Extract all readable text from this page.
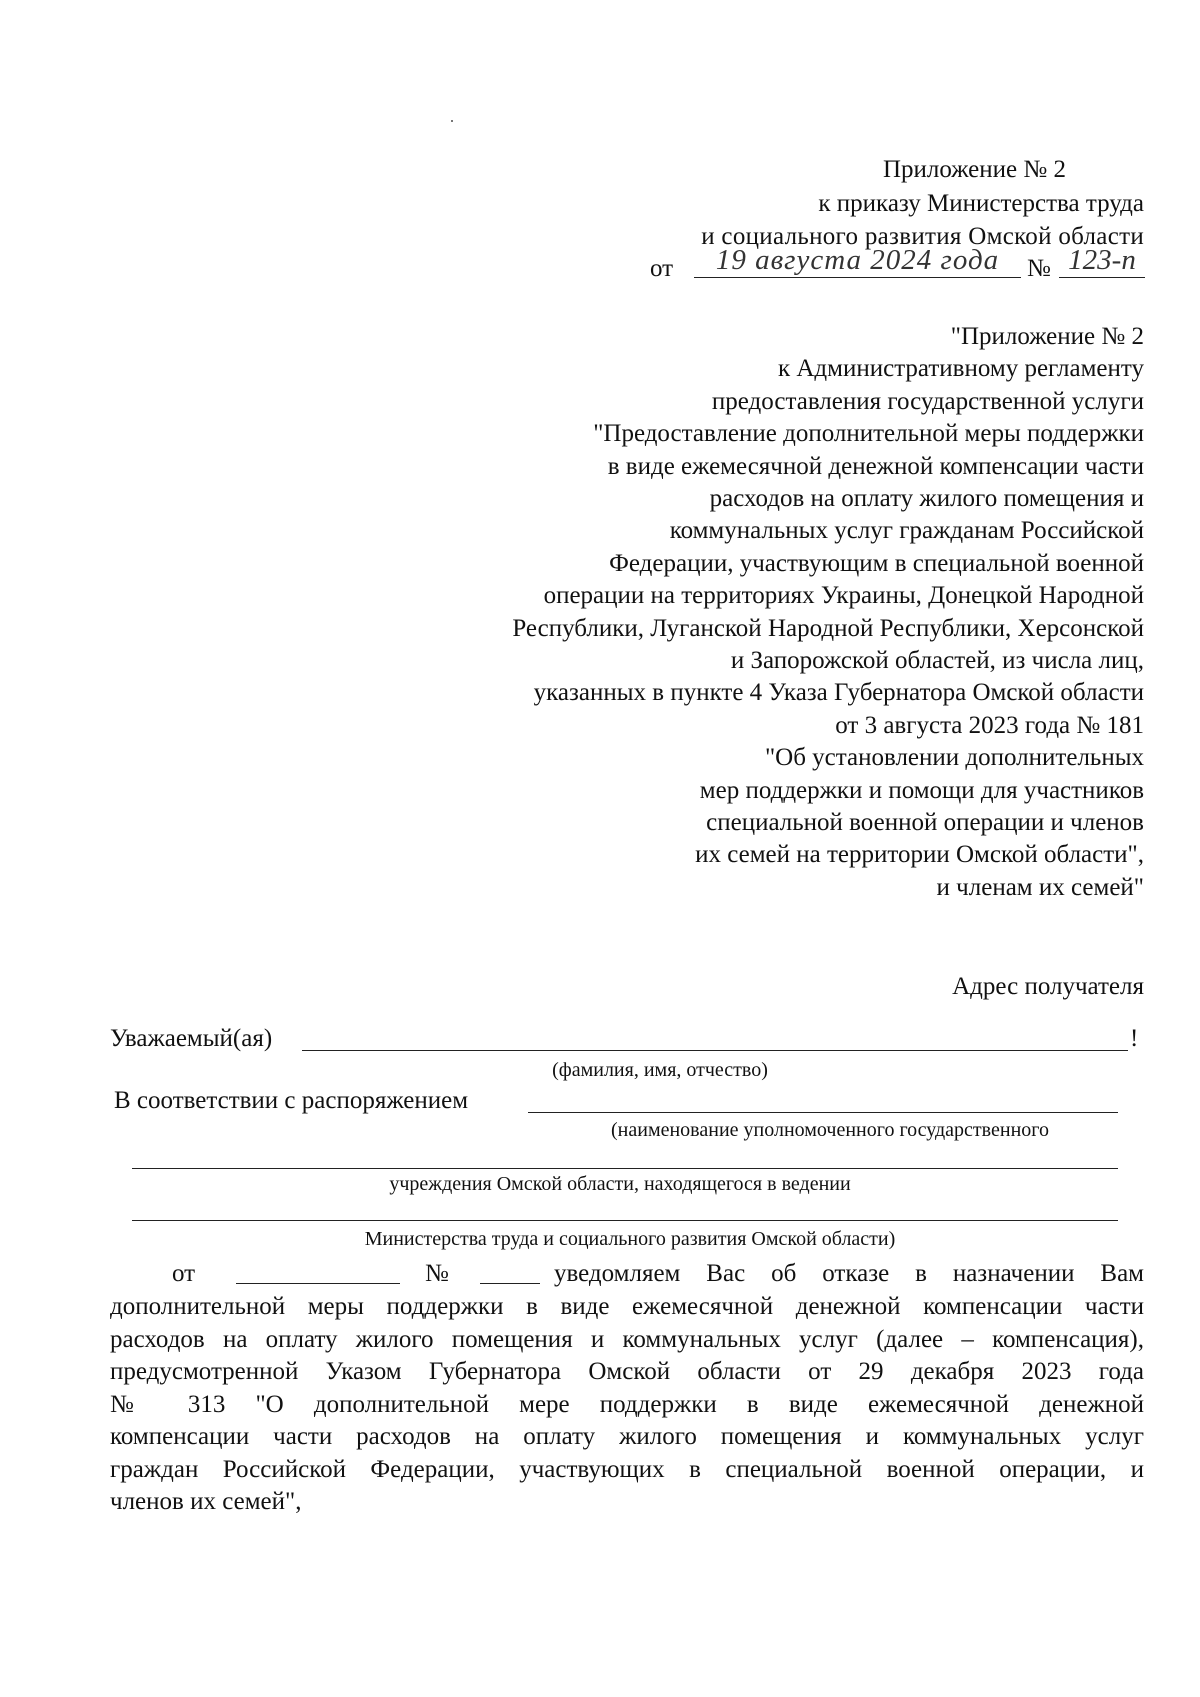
Приложение № 2
к приказу Министерства труда
и социального развития Омской области
от	19 августа 2024 года	№ 123-п
"Приложение № 2
к Административному регламенту
предоставления государственной услуги
"Предоставление дополнительной меры поддержки
в виде ежемесячной денежной компенсации части
расходов на оплату жилого помещения и
коммунальных услуг гражданам Российской
Федерации, участвующим в специальной военной
операции на территориях Украины, Донецкой Народной
Республики, Луганской Народной Республики, Херсонской
и Запорожской областей, из числа лиц,
указанных в пункте 4 Указа Губернатора Омской области
от 3 августа 2023 года № 181
"Об установлении дополнительных
мер поддержки и помощи для участников
специальной военной операции и членов
их семей на территории Омской области",
и членам их семей"
Адрес получателя
Уважаемый(ая)	!
(фамилия, имя, отчество)
В соответствии с распоряжением
(наименование уполномоченного государственного
учреждения Омской области, находящегося в ведении
Министерства труда и социального развития Омской области)
от	№	уведомляем Вас об отказе в назначении Вам
дополнительной меры поддержки в виде ежемесячной денежной компенсации части
расходов на оплату жилого помещения и коммунальных услуг (далее – компенсация),
предусмотренной Указом Губернатора Омской области от 29 декабря 2023 года
№ 313 "О дополнительной мере поддержки в виде ежемесячной денежной
компенсации части расходов на оплату жилого помещения и коммунальных услуг
граждан Российской Федерации, участвующих в специальной военной операции, и
членов их семей",
